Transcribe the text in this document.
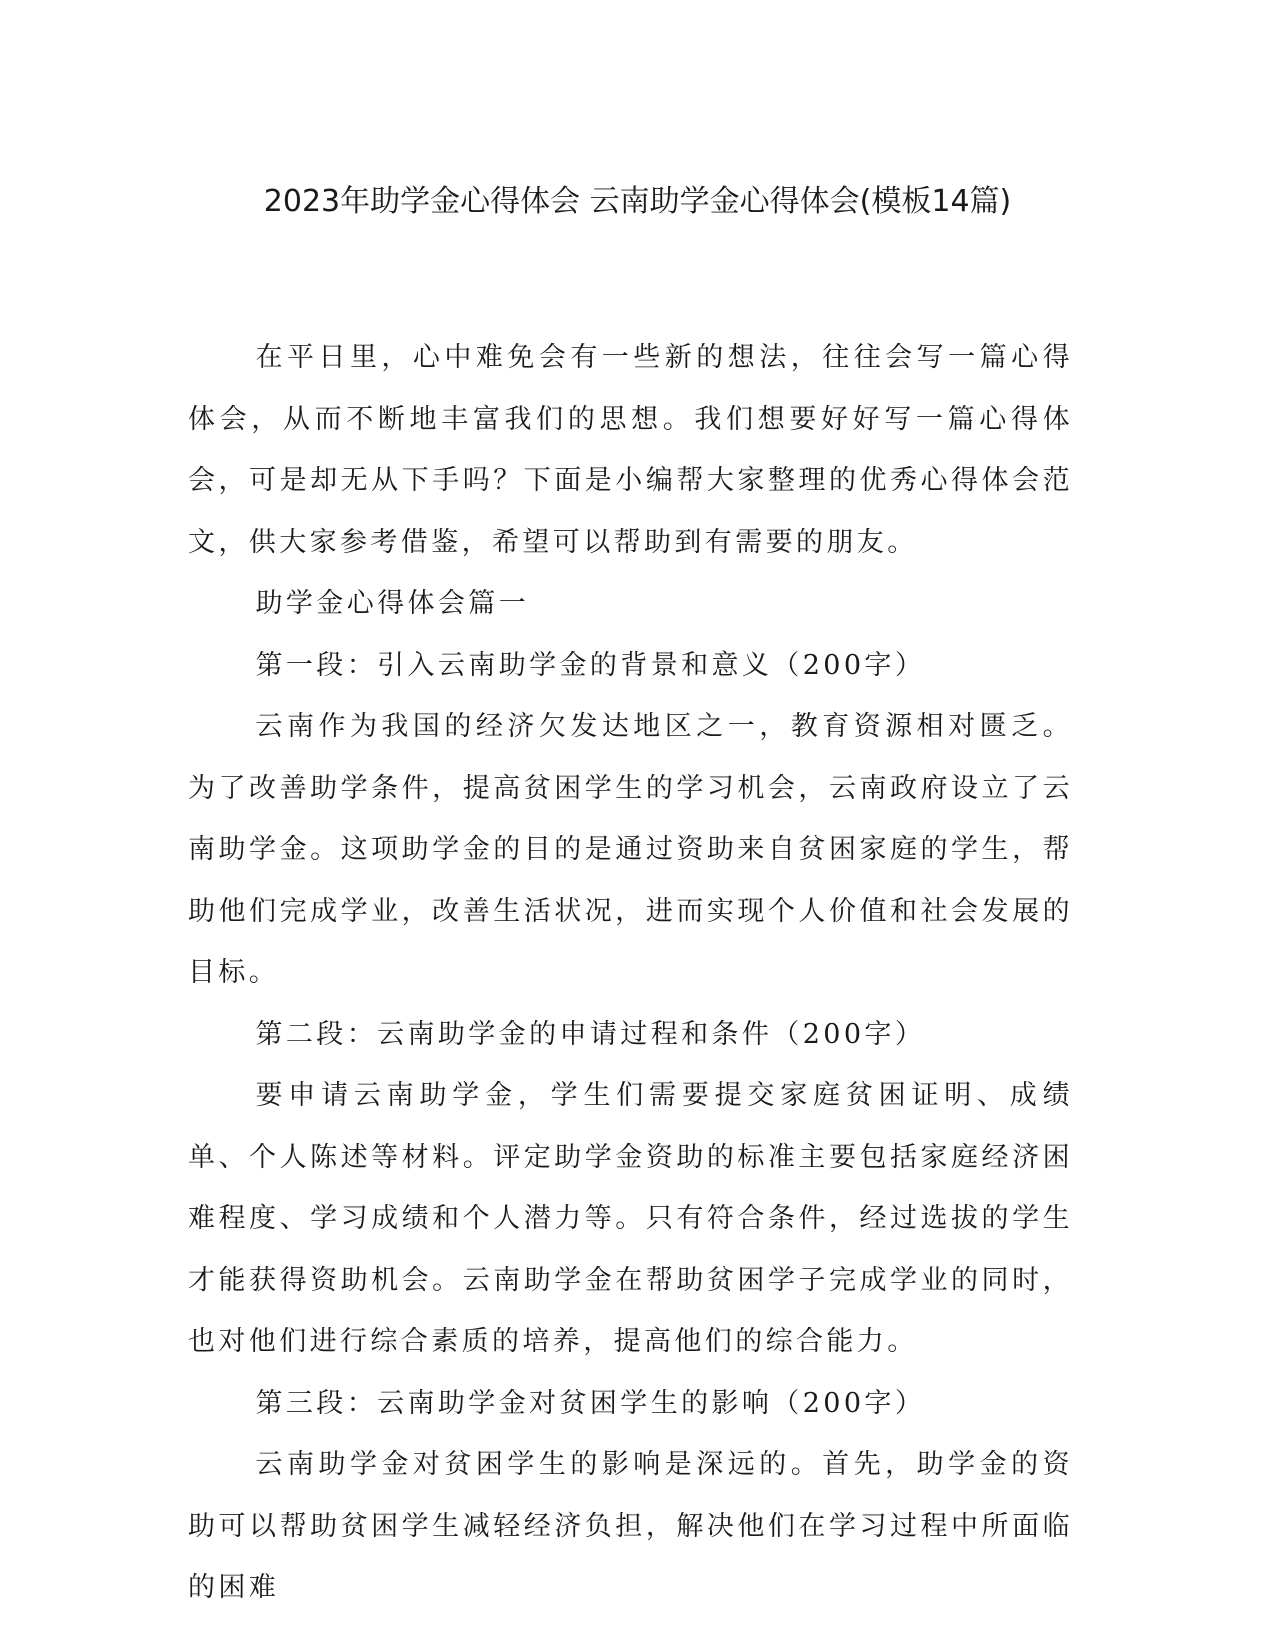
2023年助学金心得体会 云南助学金心得体会(模板14篇)

在平日里，心中难免会有一些新的想法，往往会写一篇心得体会，从而不断地丰富我们的思想。我们想要好好写一篇心得体会，可是却无从下手吗？下面是小编帮大家整理的优秀心得体会范文，供大家参考借鉴，希望可以帮助到有需要的朋友。

助学金心得体会篇一

第一段：引入云南助学金的背景和意义（200字）

云南作为我国的经济欠发达地区之一，教育资源相对匮乏。为了改善助学条件，提高贫困学生的学习机会，云南政府设立了云南助学金。这项助学金的目的是通过资助来自贫困家庭的学生，帮助他们完成学业，改善生活状况，进而实现个人价值和社会发展的目标。

第二段：云南助学金的申请过程和条件（200字）

要申请云南助学金，学生们需要提交家庭贫困证明、成绩单、个人陈述等材料。评定助学金资助的标准主要包括家庭经济困难程度、学习成绩和个人潜力等。只有符合条件，经过选拔的学生才能获得资助机会。云南助学金在帮助贫困学子完成学业的同时，也对他们进行综合素质的培养，提高他们的综合能力。

第三段：云南助学金对贫困学生的影响（200字）

云南助学金对贫困学生的影响是深远的。首先，助学金的资助可以帮助贫困学生减轻经济负担，解决他们在学习过程中所面临的困难
